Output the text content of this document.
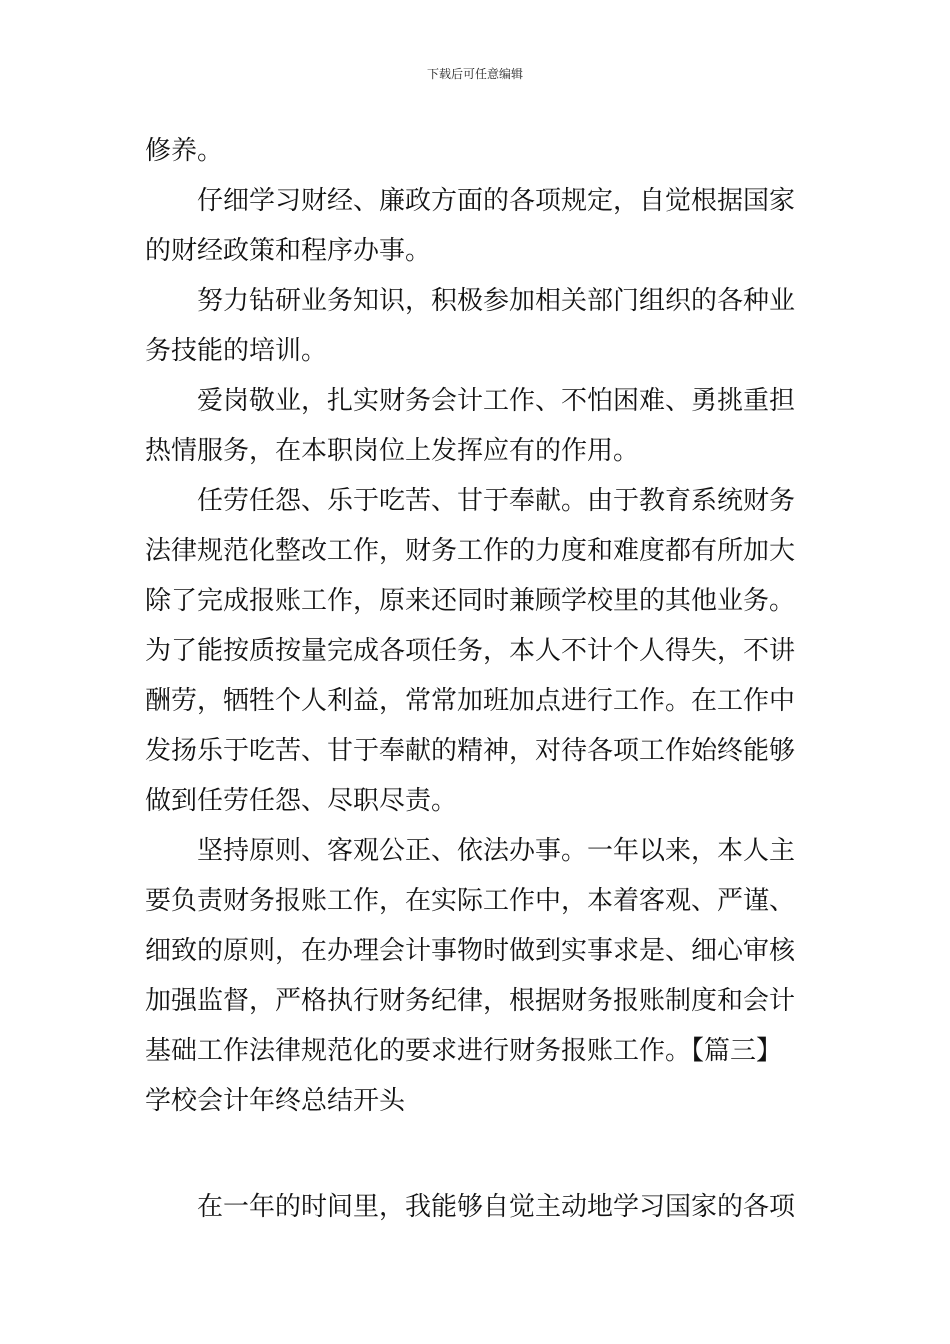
下载后可任意编辑
修养。
仔细学习财经、廉政方面的各项规定，自觉根据国家
的财经政策和程序办事。
努力钻研业务知识，积极参加相关部门组织的各种业
务技能的培训。
爱岗敬业，扎实财务会计工作、不怕困难、勇挑重担
热情服务，在本职岗位上发挥应有的作用。
任劳任怨、乐于吃苦、甘于奉献。由于教育系统财务
法律规范化整改工作，财务工作的力度和难度都有所加大
除了完成报账工作，原来还同时兼顾学校里的其他业务。
为了能按质按量完成各项任务，本人不计个人得失，不讲
酬劳，牺牲个人利益，常常加班加点进行工作。在工作中
发扬乐于吃苦、甘于奉献的精神，对待各项工作始终能够
做到任劳任怨、尽职尽责。
坚持原则、客观公正、依法办事。一年以来，本人主
要负责财务报账工作，在实际工作中，本着客观、严谨、
细致的原则，在办理会计事物时做到实事求是、细心审核
加强监督，严格执行财务纪律，根据财务报账制度和会计
基础工作法律规范化的要求进行财务报账工作。【篇三】
学校会计年终总结开头
在一年的时间里，我能够自觉主动地学习国家的各项
